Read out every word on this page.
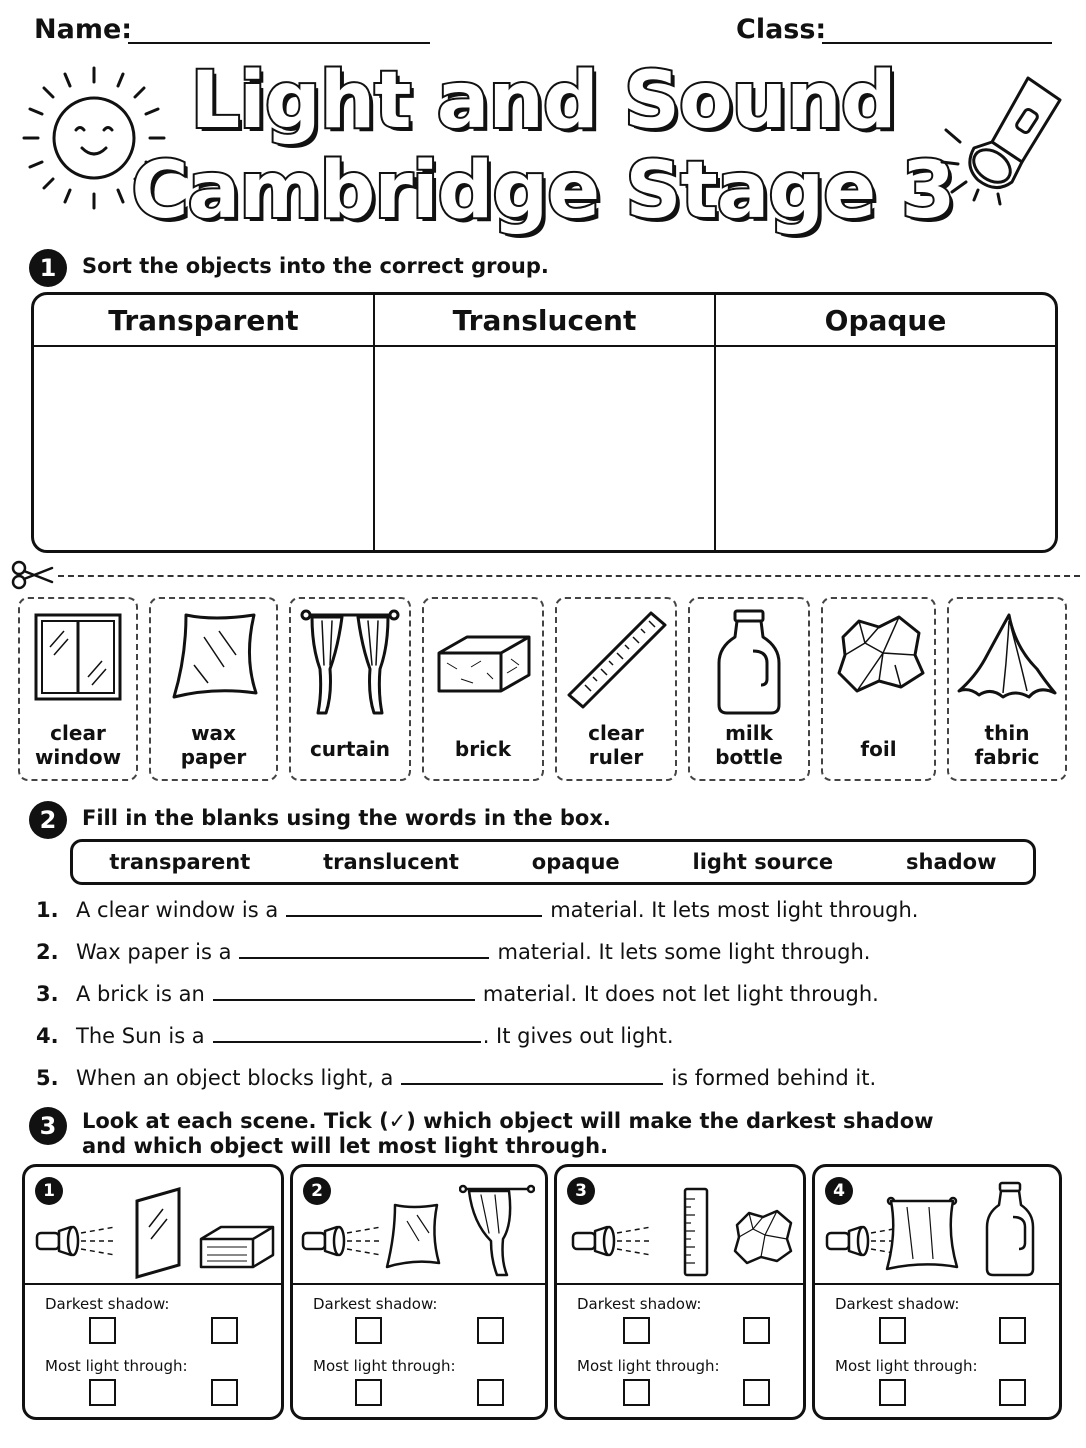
Name:	Class:
Light and Sound
Cambridge Stage 3
1	Sort the objects into the correct group.
Transparent	Translucent	Opaque
clear
window
wax
paper	curtain	brick
clear
ruler
milk
bottle	foil
thin
fabric
2	Fill in the blanks using the words in the box.
transparent	translucent	opaque	light source	shadow
1. A clear window is a	material. It lets most light through.
2. Wax paper is a	material. It lets some light through.
3. A brick is an	material. It does not let light through.
4. The Sun is a	. It gives out light.
5. When an object blocks light, a	is formed behind it.
3	Look at each scene. Tick (✓) which object will make the darkest shadow
and which object will let most light through.
1
Darkest shadow:
Most light through:
2
Darkest shadow:
Most light through:
3
Darkest shadow:
Most light through:
4
Darkest shadow:
Most light through:
